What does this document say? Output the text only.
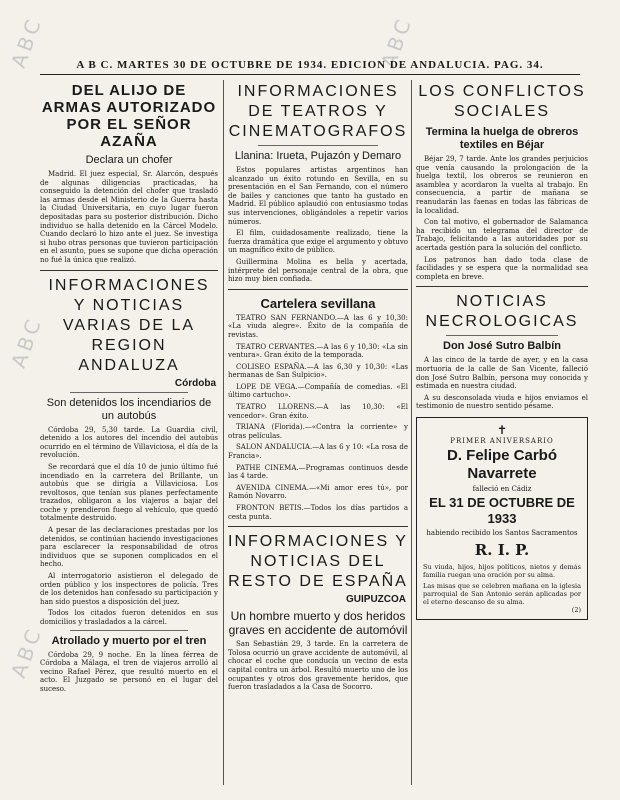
ABC
ABC
ABC
ABC
A B C. MARTES 30 DE OCTUBRE DE 1934. EDICION DE ANDALUCIA. PAG. 34.
DEL ALIJO DE ARMAS AUTORIZADO POR EL SEÑOR AZAÑA
Declara un chofer

Madrid. El juez especial, Sr. Alarcón, después de algunas diligencias practicadas, ha conseguido la detención del chofer que trasladó las armas desde el Ministerio de la Guerra hasta la Ciudad Universitaria, en cuyo lugar fueron depositadas para su posterior distribución. Dicho individuo se halla detenido en la Cárcel Modelo. Cuando declaró lo hizo ante el juez. Se investiga si hubo otras personas que tuvieron participación en el asunto, pues se supone que dicha operación no fué la única que realizó.

INFORMACIONES Y NOTICIAS VARIAS DE LA REGION ANDALUZA
Córdoba
Son detenidos los incendiarios de un autobús

Córdoba 29, 5,30 tarde. La Guardia civil, detenido a los autores del incendio del autobús ocurrido en el término de Villaviciosa, el día de la revolución.

Se recordará que el día 10 de junio último fué incendiado en la carretera del Brillante, un autobús que se dirigía a Villaviciosa. Los revoltosos, que tenían sus planes perfectamente trazados, obligaron a los viajeros a bajar del coche y prendieron fuego al vehículo, que quedó totalmente destruido.

A pesar de las declaraciones prestadas por los detenidos, se continúan haciendo investigaciones para esclarecer la responsabilidad de otros individuos que se suponen complicados en el hecho.

Al interrogatorio asistieron el delegado de orden público y los inspectores de policía. Tres de los detenidos han confesado su participación y han sido puestos a disposición del juez.

Todos los citados fueron detenidos en sus domicilios y trasladados a la cárcel.

Atrollado y muerto por el tren

Córdoba 29, 9 noche. En la línea férrea de Córdoba a Málaga, el tren de viajeros arrolló al vecino Rafael Pérez, que resultó muerto en el acto. El Juzgado se personó en el lugar del suceso.

INFORMACIONES DE TEATROS Y CINEMATOGRAFOS
Llanina: Irueta, Pujazón y Demaro

Estos populares artistas argentinos han alcanzado un éxito rotundo en Sevilla, en su presentación en el San Fernando, con el número de bailes y canciones que tanto ha gustado en Madrid. El público aplaudió con entusiasmo todas sus intervenciones, obligándoles a repetir varios números.

El film, cuidadosamente realizado, tiene la fuerza dramática que exige el argumento y obtuvo un magnífico éxito de público.

Guillermina Molina es bella y acertada, intérprete del personaje central de la obra, que hizo muy bien confiada.

Cartelera sevillana

TEATRO SAN FERNANDO.—A las 6 y 10,30: «La viuda alegre». Éxito de la compañía de revistas.

TEATRO CERVANTES.—A las 6 y 10,30: «La sin ventura». Gran éxito de la temporada.

COLISEO ESPAÑA.—A las 6,30 y 10,30: «Las hermanas de San Sulpicio».

LOPE DE VEGA.—Compañía de comedias. «El último cartucho».

TEATRO LLORENS.—A las 10,30: «El vencedor». Gran éxito.

TRIANA (Florida).—«Contra la corriente» y otras películas.

SALON ANDALUCIA.—A las 6 y 10: «La rosa de Francia».

PATHE CINEMA.—Programas continuos desde las 4 tarde.

AVENIDA CINEMA.—«Mi amor eres tú», por Ramón Novarro.

FRONTON BETIS.—Todos los días partidos a cesta punta.

INFORMACIONES Y NOTICIAS DEL RESTO DE ESPAÑA
GUIPUZCOA
Un hombre muerto y dos heridos graves en accidente de automóvil

San Sebastián 29, 3 tarde. En la carretera de Tolosa ocurrió un grave accidente de automóvil, al chocar el coche que conducía un vecino de esta capital contra un árbol. Resultó muerto uno de los ocupantes y otros dos gravemente heridos, que fueron trasladados a la Casa de Socorro.

LOS CONFLICTOS SOCIALES
Termina la huelga de obreros textiles en Béjar

Béjar 29, 7 tarde. Ante los grandes perjuicios que venía causando la prolongación de la huelga textil, los obreros se reunieron en asamblea y acordaron la vuelta al trabajo. En consecuencia, a partir de mañana se reanudarán las faenas en todas las fábricas de la localidad.

Con tal motivo, el gobernador de Salamanca ha recibido un telegrama del director de Trabajo, felicitando a las autoridades por su acertada gestión para la solución del conflicto.

Los patronos han dado toda clase de facilidades y se espera que la normalidad sea completa en breve.

NOTICIAS NECROLOGICAS
Don José Sutro Balbín

A las cinco de la tarde de ayer, y en la casa mortuoria de la calle de San Vicente, falleció don José Sutro Balbín, persona muy conocida y estimada en nuestra ciudad.

A su desconsolada viuda e hijos enviamos el testimonio de nuestro sentido pésame.

✝
PRIMER ANIVERSARIO
D. Felipe Carbó Navarrete
falleció en Cádiz
EL 31 DE OCTUBRE DE 1933
habiendo recibido los Santos Sacramentos
R. I. P.
Su viuda, hijos, hijos políticos, nietos y demás familia ruegan una oración por su alma.
Las misas que se celebren mañana en la iglesia parroquial de San Antonio serán aplicadas por el eterno descanso de su alma.
(2)
